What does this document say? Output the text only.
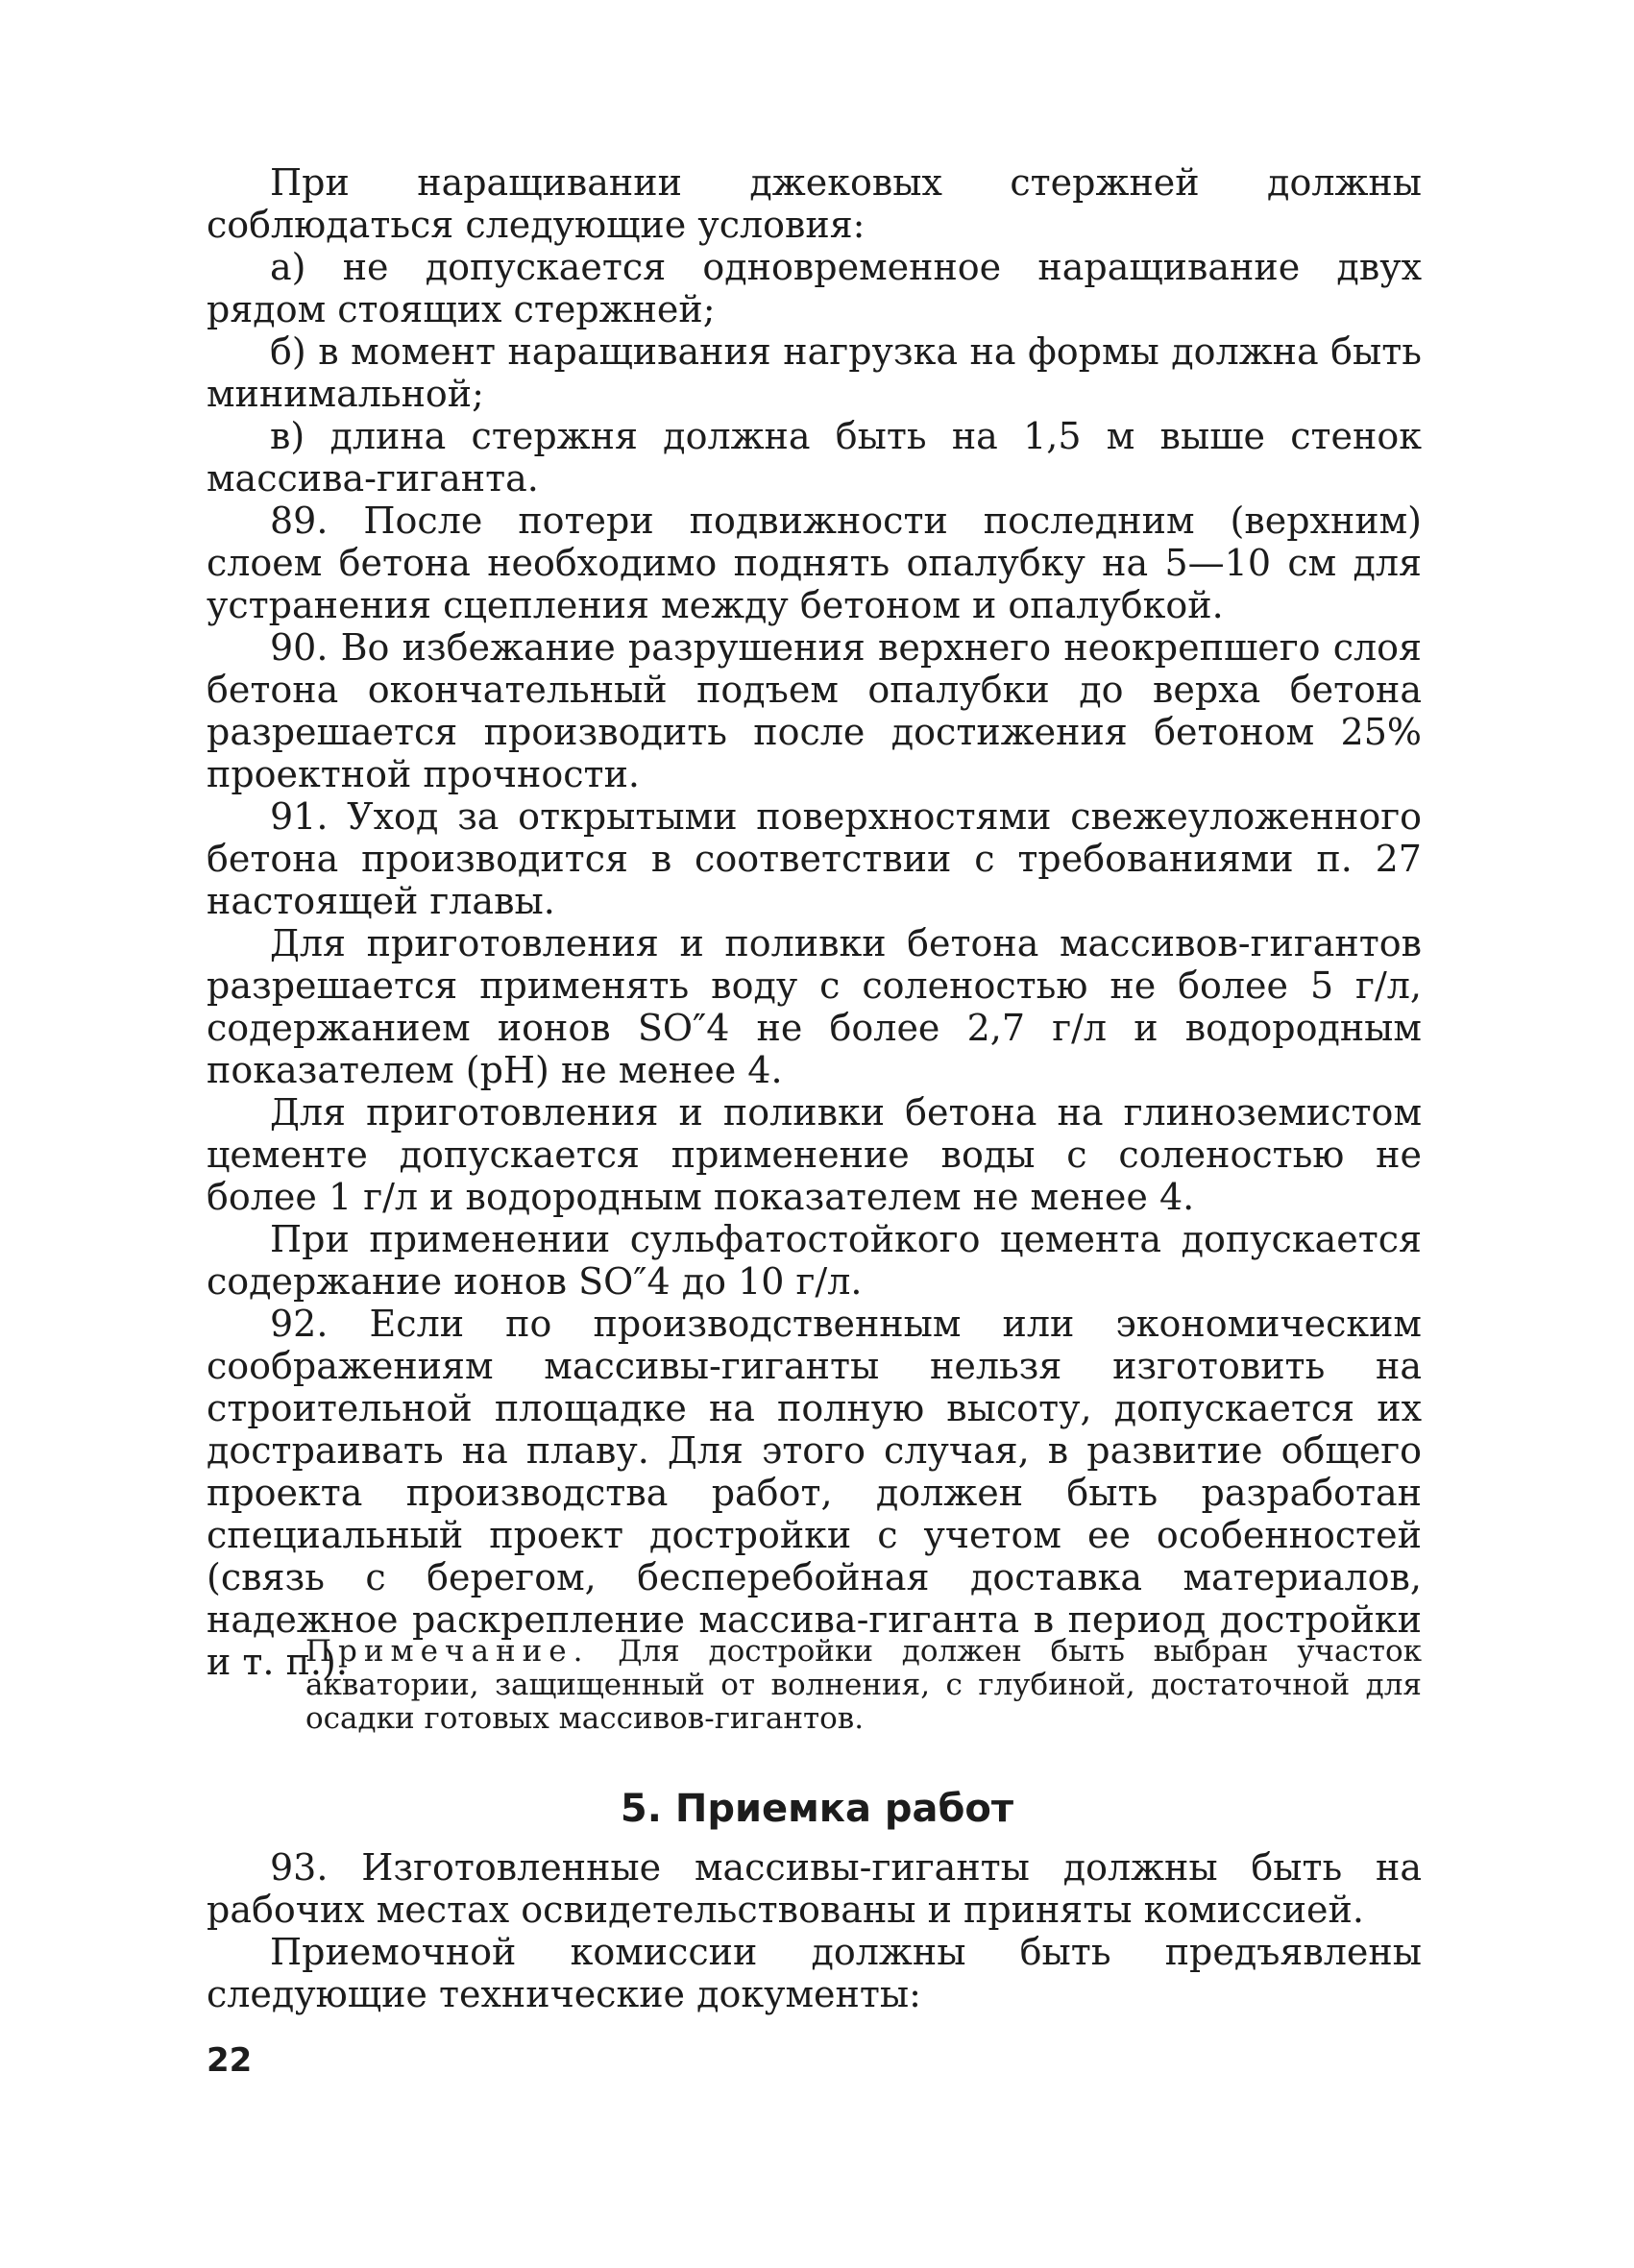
При наращивании джековых стержней должны соблюдаться следующие условия:

а) не допускается одновременное наращивание двух рядом стоящих стержней;

б) в момент наращивания нагрузка на формы должна быть минимальной;

в) длина стержня должна быть на 1,5 м выше стенок массива-гиганта.

89. После потери подвижности последним (верхним) слоем бетона необходимо поднять опалубку на 5—10 см для устранения сцепления между бетоном и опалубкой.

90. Во избежание разрушения верхнего неокрепшего слоя бетона окончательный подъем опалубки до верха бетона разрешается производить после достижения бетоном 25% проектной прочности.

91. Уход за открытыми поверхностями свежеуложенного бетона производится в соответствии с требованиями п. 27 настоящей главы.

Для приготовления и поливки бетона массивов-гигантов разрешается применять воду с соленостью не более 5 г/л, содержанием ионов SO″4 не более 2,7 г/л и водородным показателем (pH) не менее 4.

Для приготовления и поливки бетона на глиноземистом цементе допускается применение воды с соленостью не более 1 г/л и водородным показателем не менее 4.

При применении сульфатостойкого цемента допускается содержание ионов SO″4 до 10 г/л.

92. Если по производственным или экономическим соображениям массивы-гиганты нельзя изготовить на строительной площадке на полную высоту, допускается их достраивать на плаву. Для этого случая, в развитие общего проекта производства работ, должен быть разработан специальный проект достройки с учетом ее особенностей (связь с берегом, бесперебойная доставка материалов, надежное раскрепление массива-гиганта в период достройки и т. п.).

Примечание. Для достройки должен быть выбран участок акватории, защищенный от волнения, с глубиной, достаточной для осадки готовых массивов-гигантов.

5. Приемка работ

93. Изготовленные массивы-гиганты должны быть на рабочих местах освидетельствованы и приняты комиссией.

Приемочной комиссии должны быть предъявлены следующие технические документы:

22
